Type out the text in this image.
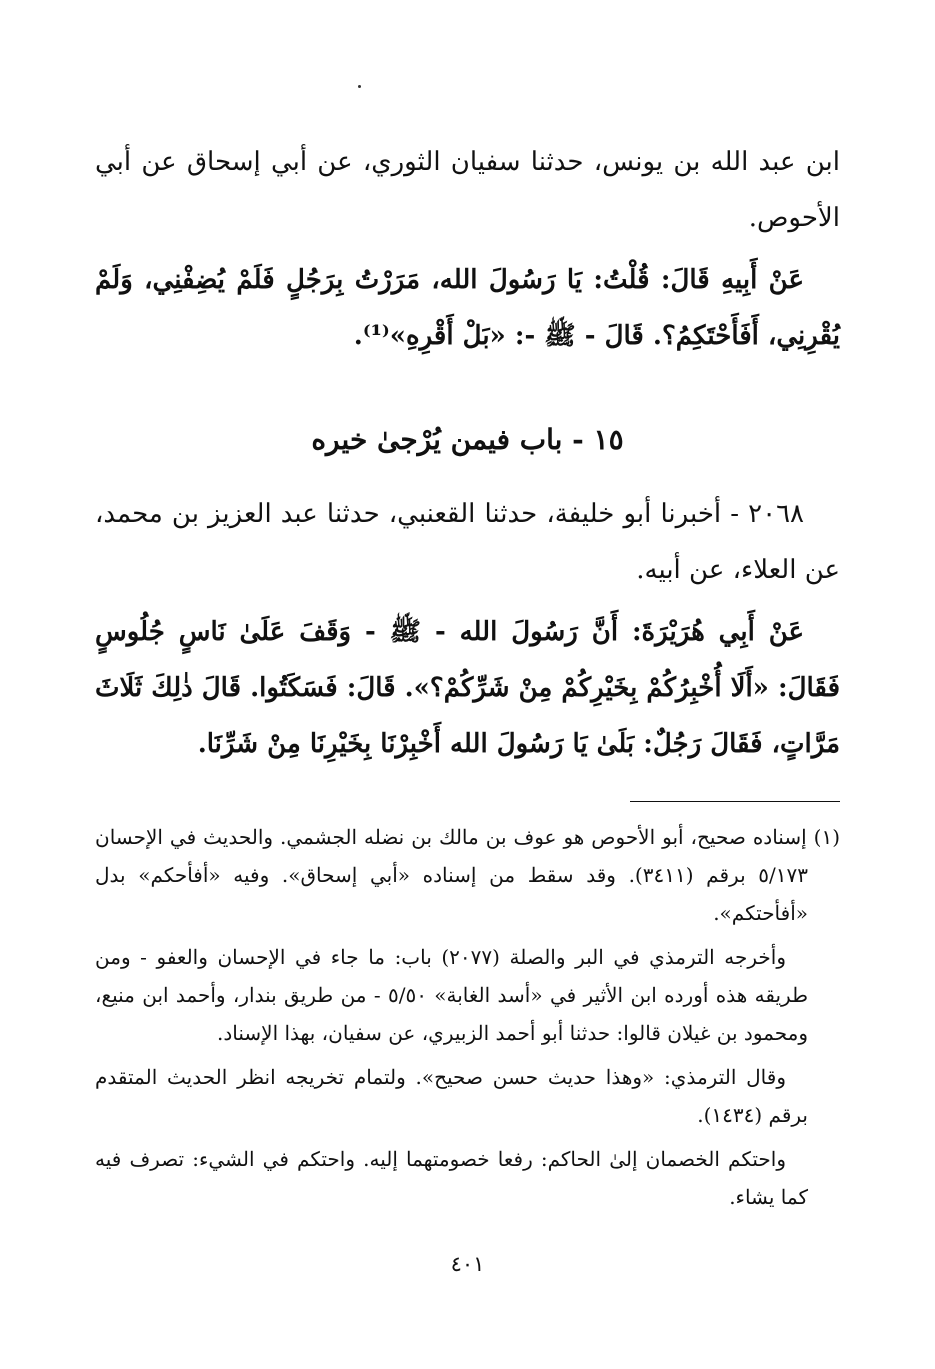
ابن عبد الله بن يونس، حدثنا سفيان الثوري، عن أبي إسحاق عن أبي الأحوص.

عَنْ أَبِيهِ قَالَ: قُلْتُ: يَا رَسُولَ الله، مَرَرْتُ بِرَجُلٍ فَلَمْ يُضِفْنِي، وَلَمْ يُقْرِنِي، أَفَأَحْتَكِمُ؟. قَالَ - ﷺ -: «بَلْ أَقْرِهِ»⁽¹⁾.

١٥ - باب فيمن يُرْجىٰ خيره

٢٠٦٨ - أخبرنا أبو خليفة، حدثنا القعنبي، حدثنا عبد العزيز بن محمد، عن العلاء، عن أبيه.

عَنْ أَبِي هُرَيْرَةَ: أَنَّ رَسُولَ الله - ﷺ - وَقَفَ عَلَىٰ نَاسٍ جُلُوسٍ فَقَالَ: «أَلَا أُخْبِرُكُمْ بِخَيْرِكُمْ مِنْ شَرِّكُمْ؟». قَالَ: فَسَكَتُوا. قَالَ ذٰلِكَ ثَلَاثَ مَرَّاتٍ، فَقَالَ رَجُلٌ: بَلَىٰ يَا رَسُولَ الله أَخْبِرْنَا بِخَيْرِنَا مِنْ شَرِّنَا.

(١) إسناده صحيح، أبو الأحوص هو عوف بن مالك بن نضله الجشمي. والحديث في الإحسان ٥/١٧٣ برقم (٣٤١١). وقد سقط من إسناده «أبي إسحاق». وفيه «أفأحكم» بدل «أفأحتكم».

وأخرجه الترمذي في البر والصلة (٢٠٧٧) باب: ما جاء في الإحسان والعفو - ومن طريقه هذه أورده ابن الأثير في «أسد الغابة» ٥/٥٠ - من طريق بندار، وأحمد ابن منيع، ومحمود بن غيلان قالوا: حدثنا أبو أحمد الزبيري، عن سفيان، بهذا الإسناد.

وقال الترمذي: «وهذا حديث حسن صحيح». ولتمام تخريجه انظر الحديث المتقدم برقم (١٤٣٤).

واحتكم الخصمان إلىٰ الحاكم: رفعا خصومتهما إليه. واحتكم في الشيء: تصرف فيه كما يشاء.

٤٠١
